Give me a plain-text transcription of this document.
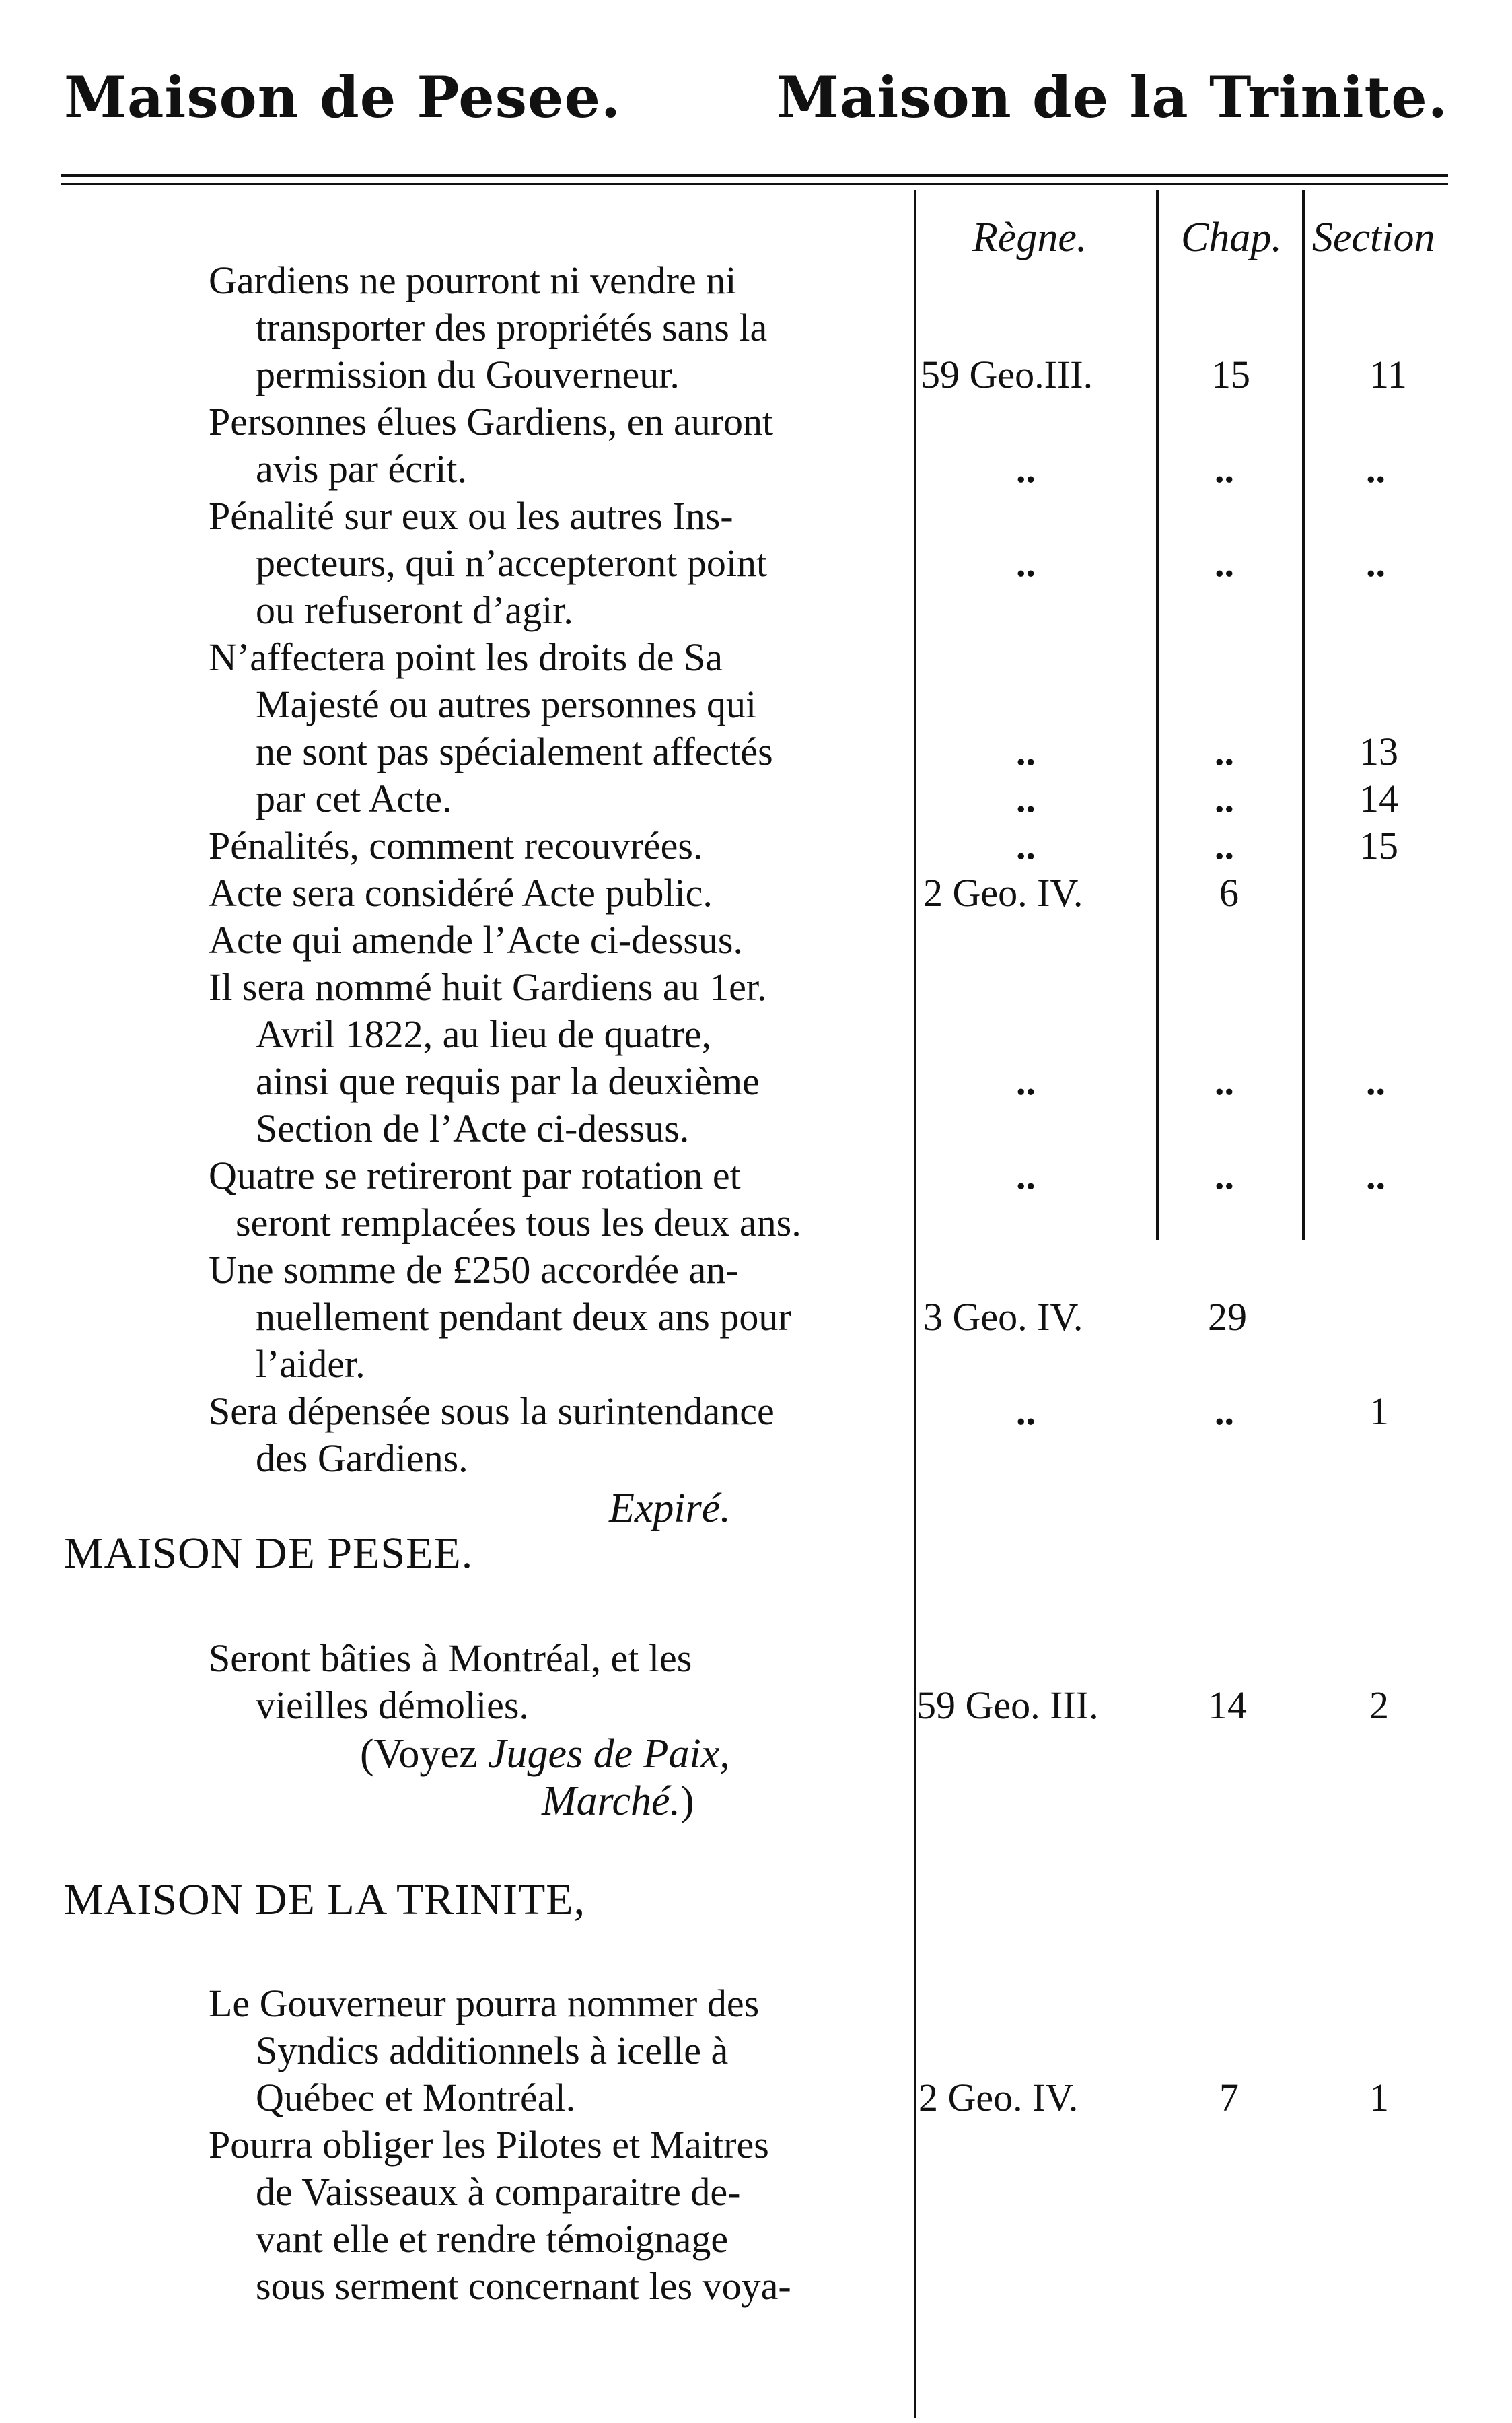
Maison de Pesee.	Maison de la Trinite.
Règne. Chap. Section
Gardiens ne pourront ni vendre ni
transporter des propriétés sans la
permission du Gouverneur.	59 Geo.III.	15	11
Personnes élues Gardiens, en auront
avis par écrit.	..	..	..
Pénalité sur eux ou les autres Ins-
pecteurs, qui n’accepteront point
ou refuseront d’agir.
..	..	..
N’affectera point les droits de Sa
Majesté ou autres personnes qui
ne sont pas spécialement affectés	..	..	13
par cet Acte.	..	..	14
Pénalités, comment recouvrées.	..	..	15
Acte sera considéré Acte public.	2 Geo. IV.	6
Acte qui amende l’Acte ci-dessus.
Il sera nommé huit Gardiens au 1er.
Avril 1822, au lieu de quatre,
ainsi que requis par la deuxième
Section de l’Acte ci-dessus.
..	..	..
Quatre se retireront par rotation et
seront remplacées tous les deux ans.
..	..	..
Une somme de £250 accordée an-
nuellement pendant deux ans pour
l’aider.
3 Geo. IV.	29
Sera dépensée sous la surintendance
des Gardiens.
..	..	1
Expiré.
MAISON DE PESEE.
Seront bâties à Montréal, et les
vieilles démolies.	59 Geo. III.	14	2
(Voyez Juges de Paix,
Marché.)
MAISON DE LA TRINITE,
Le Gouverneur pourra nommer des
Syndics additionnels à icelle à
Québec et Montréal.	2 Geo. IV.	7	1
Pourra obliger les Pilotes et Maitres
de Vaisseaux à comparaitre de-
vant elle et rendre témoignage
sous serment concernant les voya-
